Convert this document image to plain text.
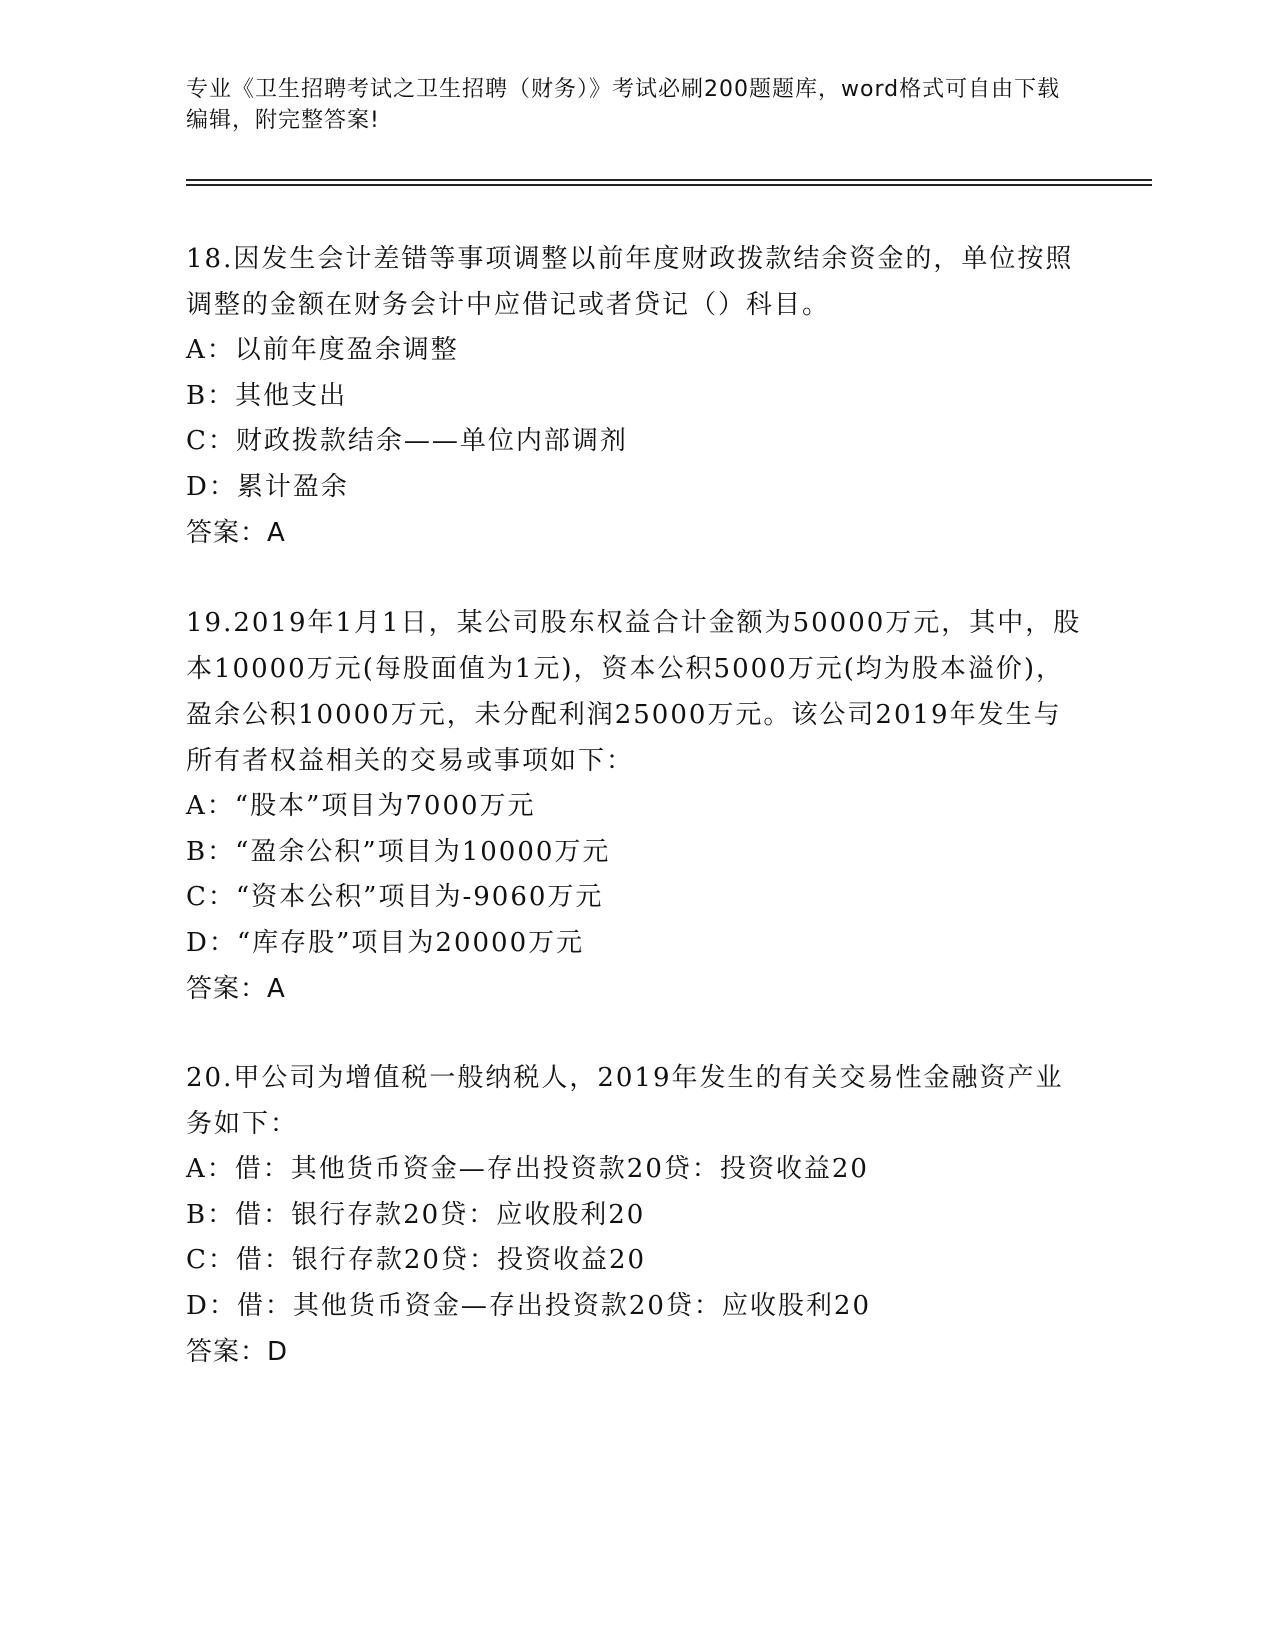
专业《卫生招聘考试之卫生招聘（财务）》考试必刷200题题库，word格式可自由下载编辑，附完整答案!

18.因发生会计差错等事项调整以前年度财政拨款结余资金的，单位按照调整的金额在财务会计中应借记或者贷记（）科目。

A：以前年度盈余调整

B：其他支出

C：财政拨款结余——单位内部调剂

D：累计盈余

答案：A

19.2019年1月1日，某公司股东权益合计金额为50000万元，其中，股本10000万元(每股面值为1元)，资本公积5000万元(均为股本溢价)，盈余公积10000万元，未分配利润25000万元。该公司2019年发生与所有者权益相关的交易或事项如下：

A：“股本”项目为7000万元

B：“盈余公积”项目为10000万元

C：“资本公积”项目为-9060万元

D：“库存股”项目为20000万元

答案：A

20.甲公司为增值税一般纳税人，2019年发生的有关交易性金融资产业务如下：

A：借：其他货币资金—存出投资款20贷：投资收益20

B：借：银行存款20贷：应收股利20

C：借：银行存款20贷：投资收益20

D：借：其他货币资金—存出投资款20贷：应收股利20

答案：D
